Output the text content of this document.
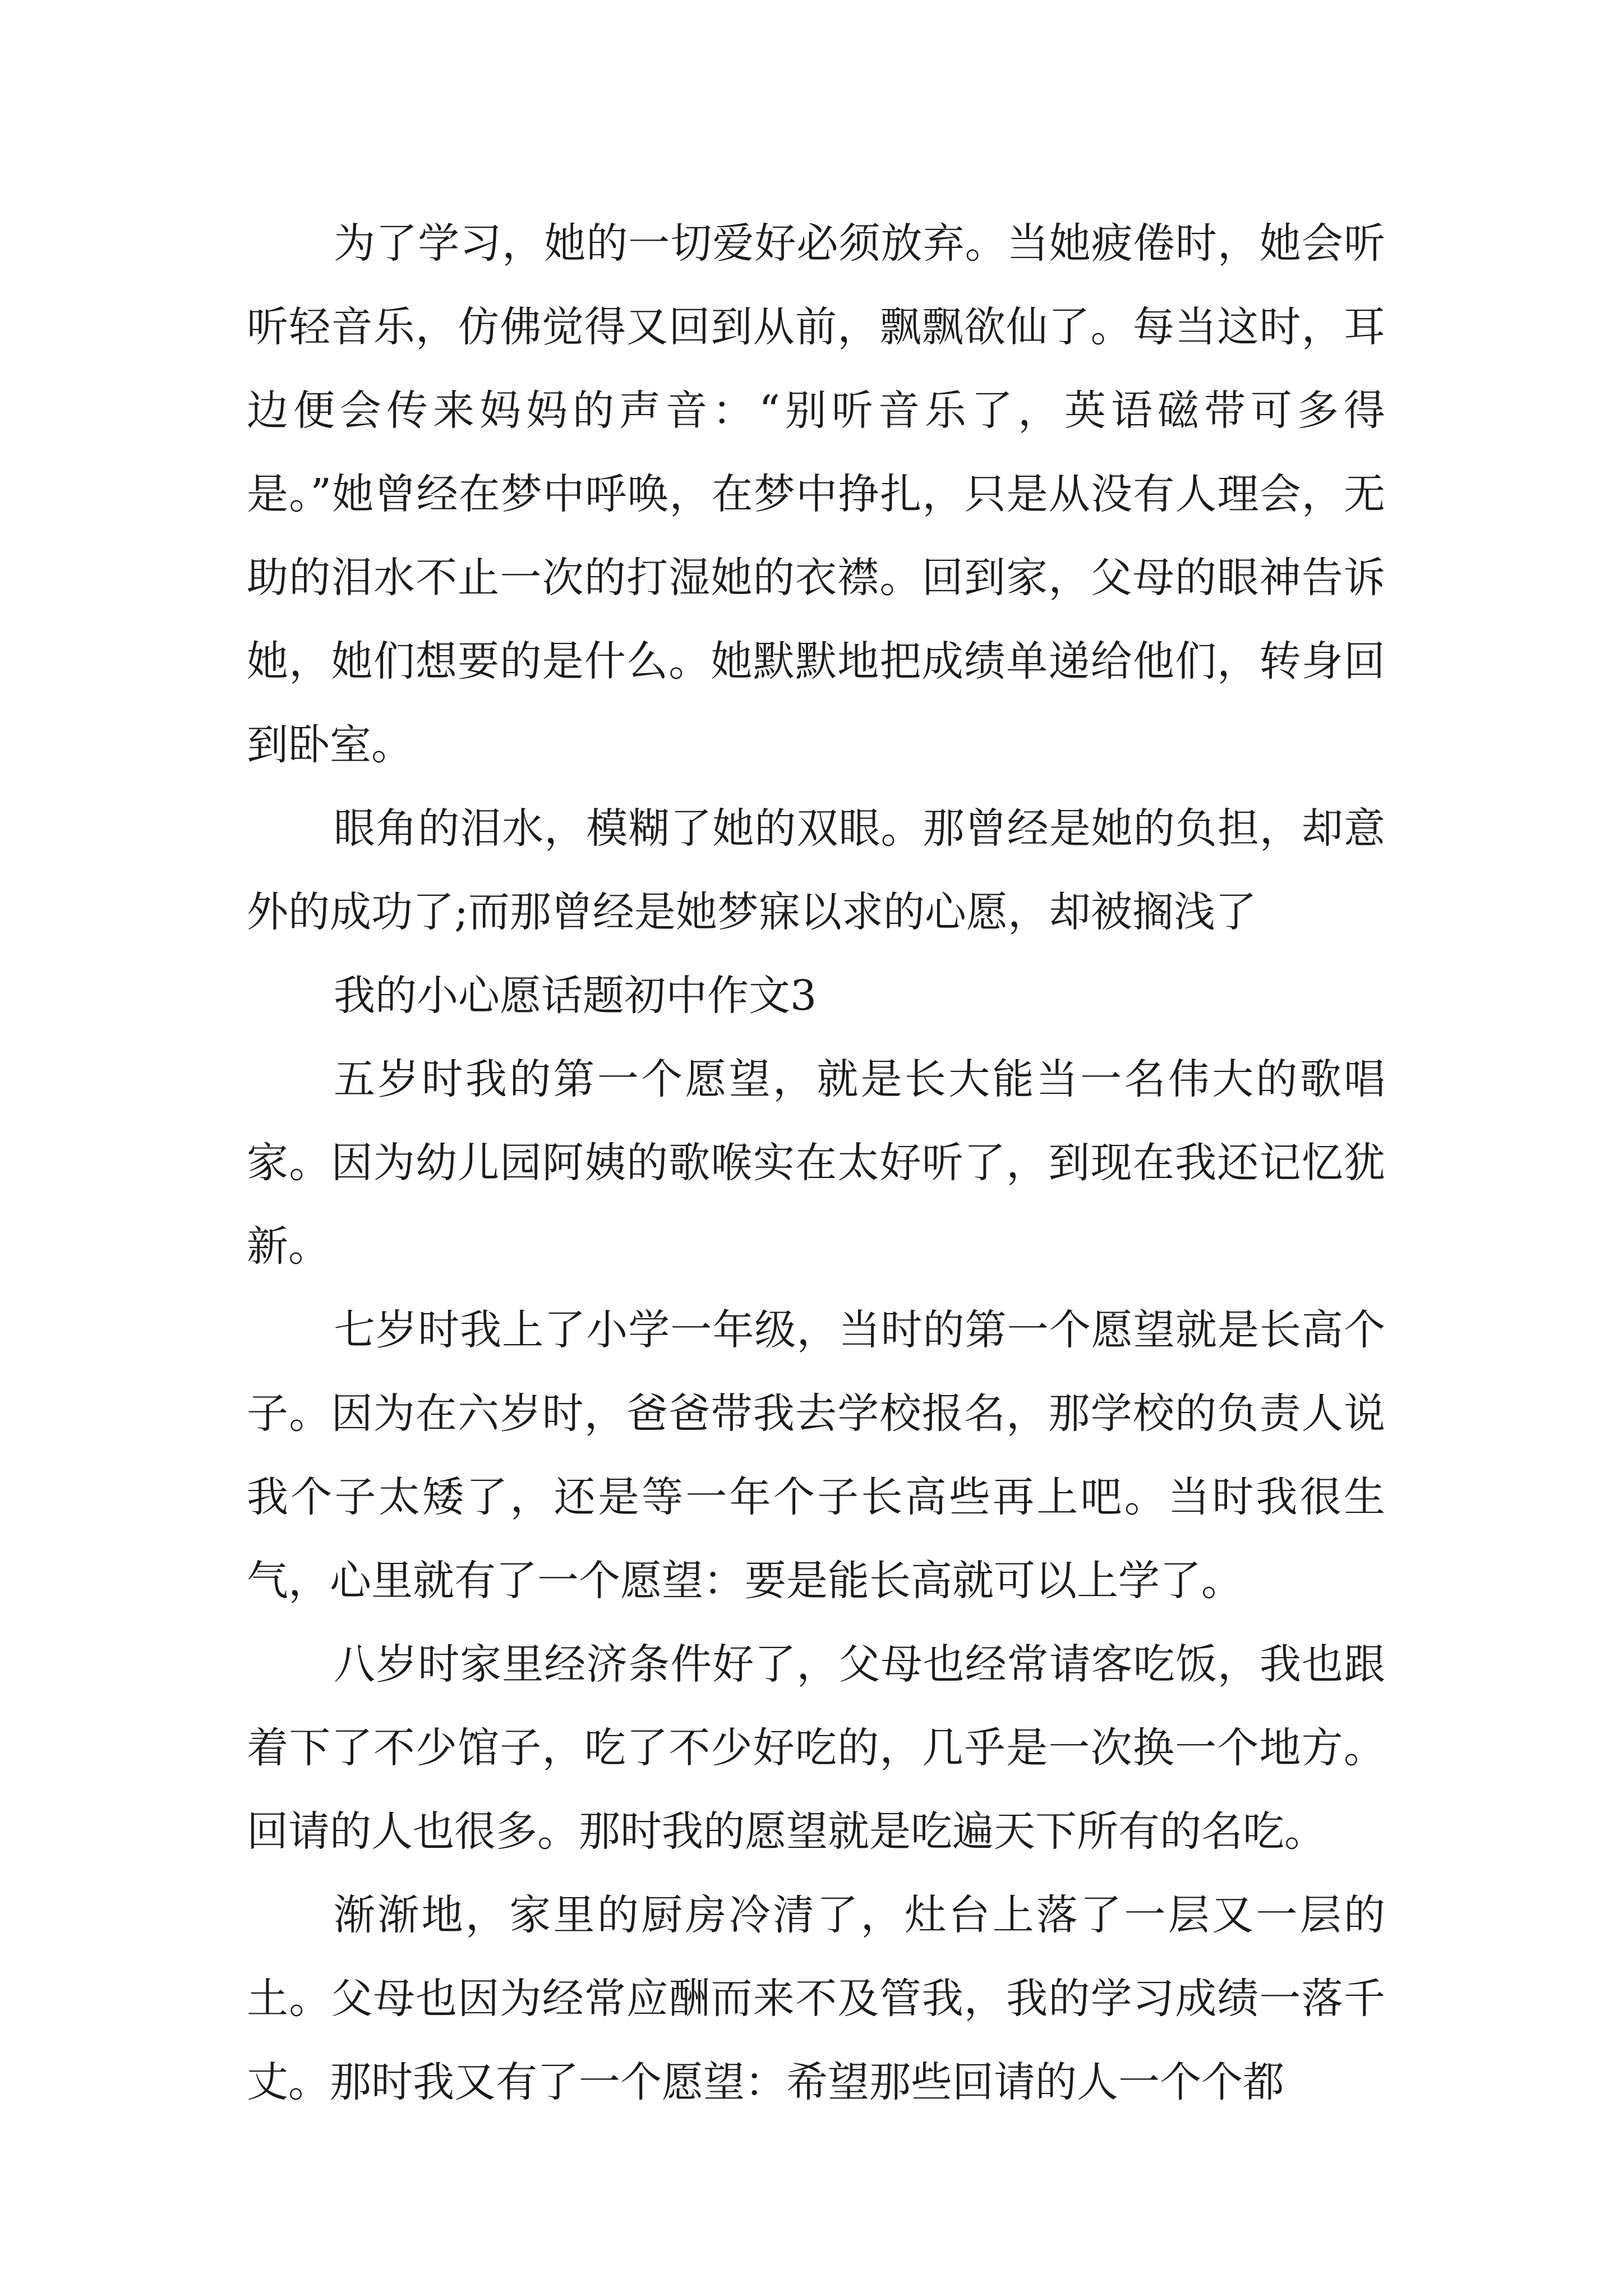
为了学习，她的一切爱好必须放弃。当她疲倦时，她会听听轻音乐，仿佛觉得又回到从前，飘飘欲仙了。每当这时，耳边便会传来妈妈的声音：“别听音乐了，英语磁带可多得是。”她曾经在梦中呼唤，在梦中挣扎，只是从没有人理会，无助的泪水不止一次的打湿她的衣襟。回到家，父母的眼神告诉她，她们想要的是什么。她默默地把成绩单递给他们，转身回到卧室。

眼角的泪水，模糊了她的双眼。那曾经是她的负担，却意外的成功了;而那曾经是她梦寐以求的心愿，却被搁浅了

我的小心愿话题初中作文3

五岁时我的第一个愿望，就是长大能当一名伟大的歌唱家。因为幼儿园阿姨的歌喉实在太好听了，到现在我还记忆犹新。

七岁时我上了小学一年级，当时的第一个愿望就是长高个子。因为在六岁时，爸爸带我去学校报名，那学校的负责人说我个子太矮了，还是等一年个子长高些再上吧。当时我很生气，心里就有了一个愿望：要是能长高就可以上学了。

八岁时家里经济条件好了，父母也经常请客吃饭，我也跟着下了不少馆子，吃了不少好吃的，几乎是一次换一个地方。回请的人也很多。那时我的愿望就是吃遍天下所有的名吃。

渐渐地，家里的厨房冷清了，灶台上落了一层又一层的土。父母也因为经常应酬而来不及管我，我的学习成绩一落千丈。那时我又有了一个愿望：希望那些回请的人一个个都
